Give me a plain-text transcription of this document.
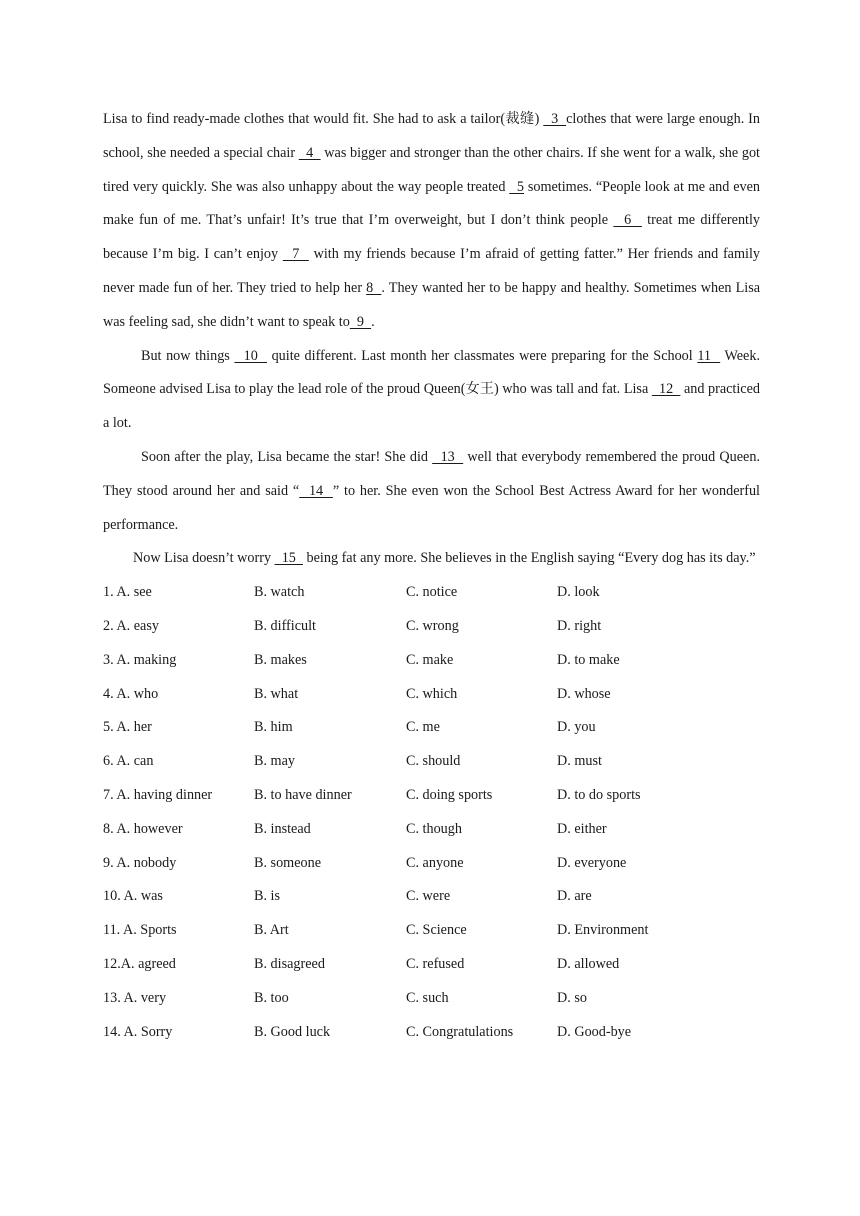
Lisa to find ready-made clothes that would fit. She had to ask a tailor(裁缝)   3  clothes that were large enough. In school, she needed a special chair   4   was bigger and stronger than the other chairs. If she went for a walk, she got tired very quickly. She was also unhappy about the way people treated   5 sometimes. “People look at me and even make fun of me. That’s unfair! It’s true that I’m overweight, but I don’t think people   6   treat me differently because I’m big. I can’t enjoy   7   with my friends because I’m afraid of getting fatter.” Her friends and family never made fun of her. They tried to help her 8  . They wanted her to be happy and healthy. Sometimes when Lisa was feeling sad, she didn’t want to speak to  9  .

But now things   10   quite different. Last month her classmates were preparing for the School 11   Week. Someone advised Lisa to play the lead role of the proud Queen(女王) who was tall and fat. Lisa   12   and practiced a lot.

Soon after the play, Lisa became the star! She did   13   well that everybody remembered the proud Queen. They stood around her and said “  14  ” to her. She even won the School Best Actress Award for her wonderful performance.

Now Lisa doesn’t worry   15   being fat any more. She believes in the English saying “Every dog has its day.”

1. A. see	B. watch	C. notice	D. look
2. A. easy	B. difficult	C. wrong	D. right
3. A. making	B. makes	C. make	D. to make
4. A. who	B. what	C. which	D. whose
5. A. her	B. him	C. me	D. you
6. A. can	B. may	C. should	D. must
7. A. having dinner	B. to have dinner	C. doing sports	D. to do sports
8. A. however	B. instead	C. though	D. either
9. A. nobody	B. someone	C. anyone	D. everyone
10. A. was	B. is	C. were	D. are
11. A. Sports	B. Art	C. Science	D. Environment
12.A. agreed	B. disagreed	C. refused	D. allowed
13. A. very	B. too	C. such	D. so
14. A. Sorry	B. Good luck	C. Congratulations	D. Good-bye
